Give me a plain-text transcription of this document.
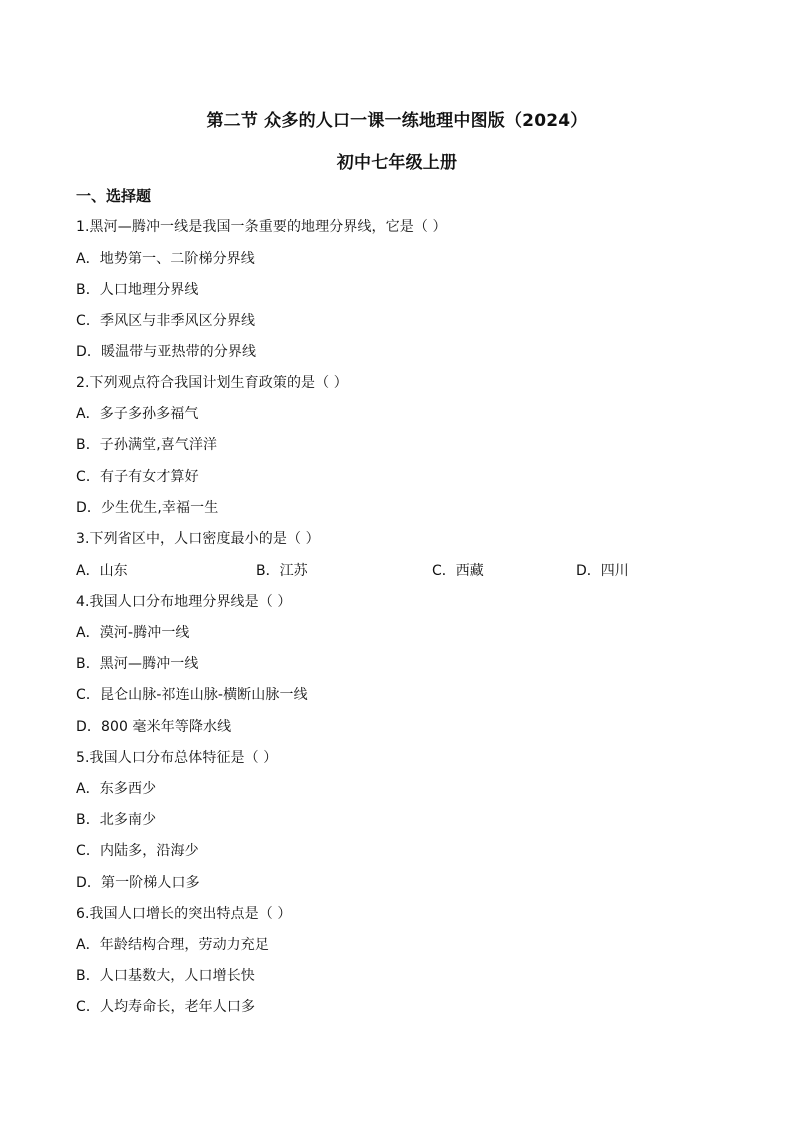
第二节 众多的人口一课一练地理中图版（2024）
初中七年级上册
一、选择题
1.黑河—腾冲一线是我国一条重要的地理分界线，它是（ ）
A．地势第一、二阶梯分界线
B．人口地理分界线
C．季风区与非季风区分界线
D．暖温带与亚热带的分界线
2.下列观点符合我国计划生育政策的是（ ）
A．多子多孙多福气
B．子孙满堂,喜气洋洋
C．有子有女才算好
D．少生优生,幸福一生
3.下列省区中，人口密度最小的是（ ）
A．山东	B．江苏	C．西藏	D．四川
4.我国人口分布地理分界线是（ ）
A．漠河-腾冲一线
B．黑河—腾冲一线
C．昆仑山脉-祁连山脉-横断山脉一线
D．800 毫米年等降水线
5.我国人口分布总体特征是（ ）
A．东多西少
B．北多南少
C．内陆多，沿海少
D．第一阶梯人口多
6.我国人口增长的突出特点是（ ）
A．年龄结构合理，劳动力充足
B．人口基数大，人口增长快
C．人均寿命长，老年人口多
